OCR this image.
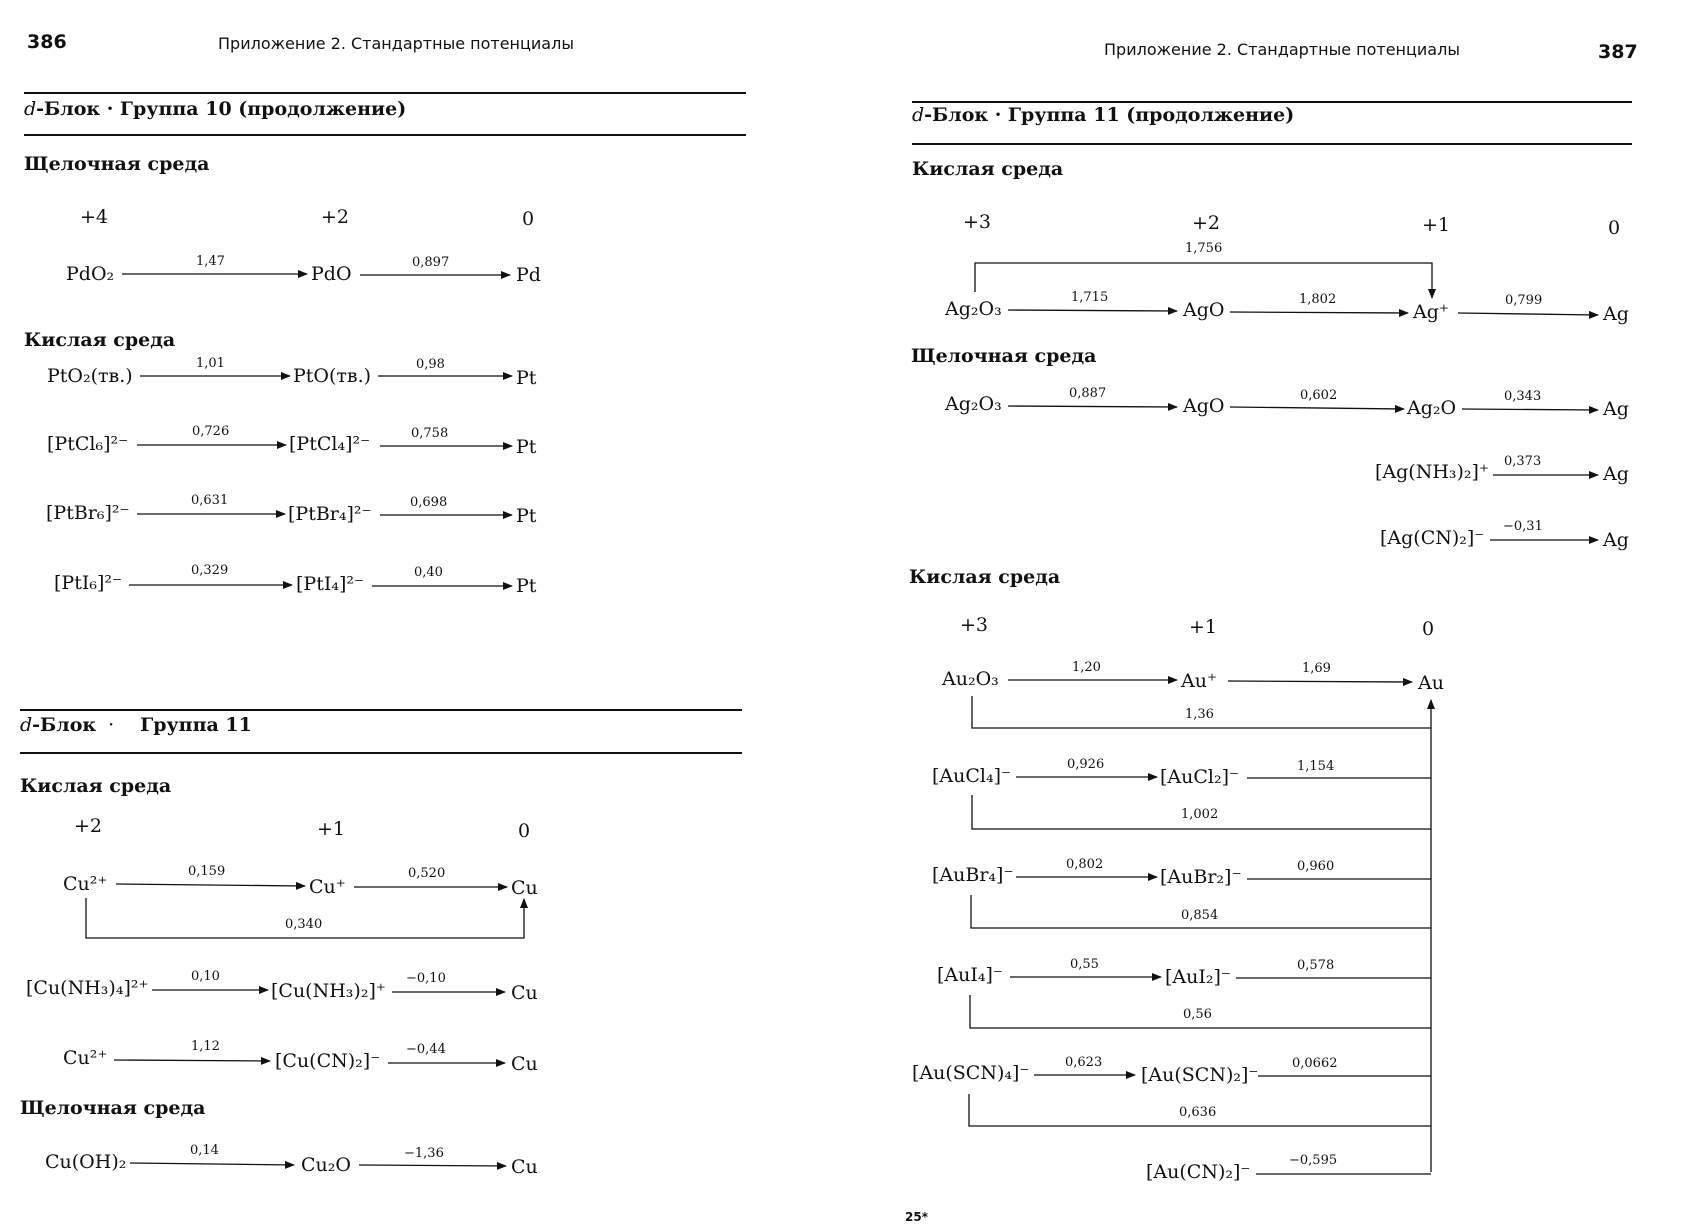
386	Приложение 2. Стандартные потенциалы
d-Блок · Группа 10 (продолжение)
Щелочная среда
+4	+2	0
PdO₂	PdO	Pd
1,47	0,897
Кислая среда
PtO₂(тв.)	PtO(тв.)	Pt
1,01	0,98
[PtCl₆]²⁻	[PtCl₄]²⁻	Pt
0,726	0,758
[PtBr₆]²⁻	[PtBr₄]²⁻	Pt
0,631	0,698
[PtI₆]²⁻	[PtI₄]²⁻	Pt
0,329	0,40
d-Блок · Группа 11
Кислая среда
+2	+1	0
Cu²⁺	Cu⁺	Cu
0,159	0,520
0,340
[Cu(NH₃)₄]²⁺	[Cu(NH₃)₂]⁺	Cu
0,10	−0,10
Cu²⁺	[Cu(CN)₂]⁻	Cu
1,12	−0,44
Щелочная среда
Cu(OH)₂	Cu₂O	Cu
0,14	−1,36
Приложение 2. Стандартные потенциалы	387
d-Блок · Группа 11 (продолжение)
Кислая среда
+3	+2	+1	0
1,756
Ag₂O₃	AgO	Ag⁺	Ag
1,715	1,802	0,799
Щелочная среда
Ag₂O₃	AgO	Ag₂O	Ag
0,887	0,602	0,343
[Ag(NH₃)₂]⁺	Ag
0,373
[Ag(CN)₂]⁻	Ag
−0,31
Кислая среда
+3	+1	0
Au₂O₃	Au⁺	Au
1,20	1,69
1,36
[AuCl₄]⁻	[AuCl₂]⁻
0,926	1,154
1,002
[AuBr₄]⁻	[AuBr₂]⁻
0,802	0,960
0,854
[AuI₄]⁻	[AuI₂]⁻
0,55	0,578
0,56
[Au(SCN)₄]⁻	[Au(SCN)₂]⁻
0,623	0,0662
0,636
[Au(CN)₂]⁻
−0,595
25*
